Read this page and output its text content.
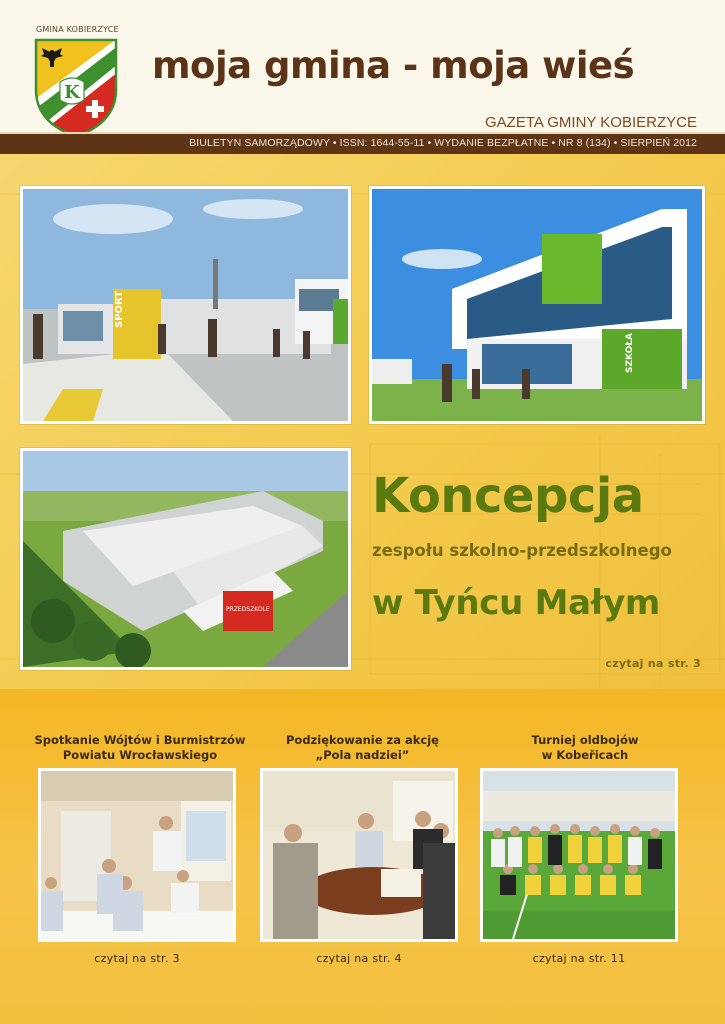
GMINA KOBIERZYCE
K
moja gmina - moja wieś
GAZETA GMINY KOBIERZYCE
BIULETYN SAMORZĄDOWY • ISSN: 1644-55-11 • WYDANIE BEZPŁATNE • NR 8 (134) • SIERPIEŃ 2012
SPORT
SZKOŁA
PRZEDSZKOLE
Koncepcja
zespołu szkolno-przedszkolnego
w Tyńcu Małym
czytaj na str. 3
Spotkanie Wójtów i Burmistrzów
Powiatu Wrocławskiego
czytaj na str. 3
Podziękowanie za akcję
„Pola nadziei”
czytaj na str. 4
Turniej oldbojów
w Kobeřicach
czytaj na str. 11
